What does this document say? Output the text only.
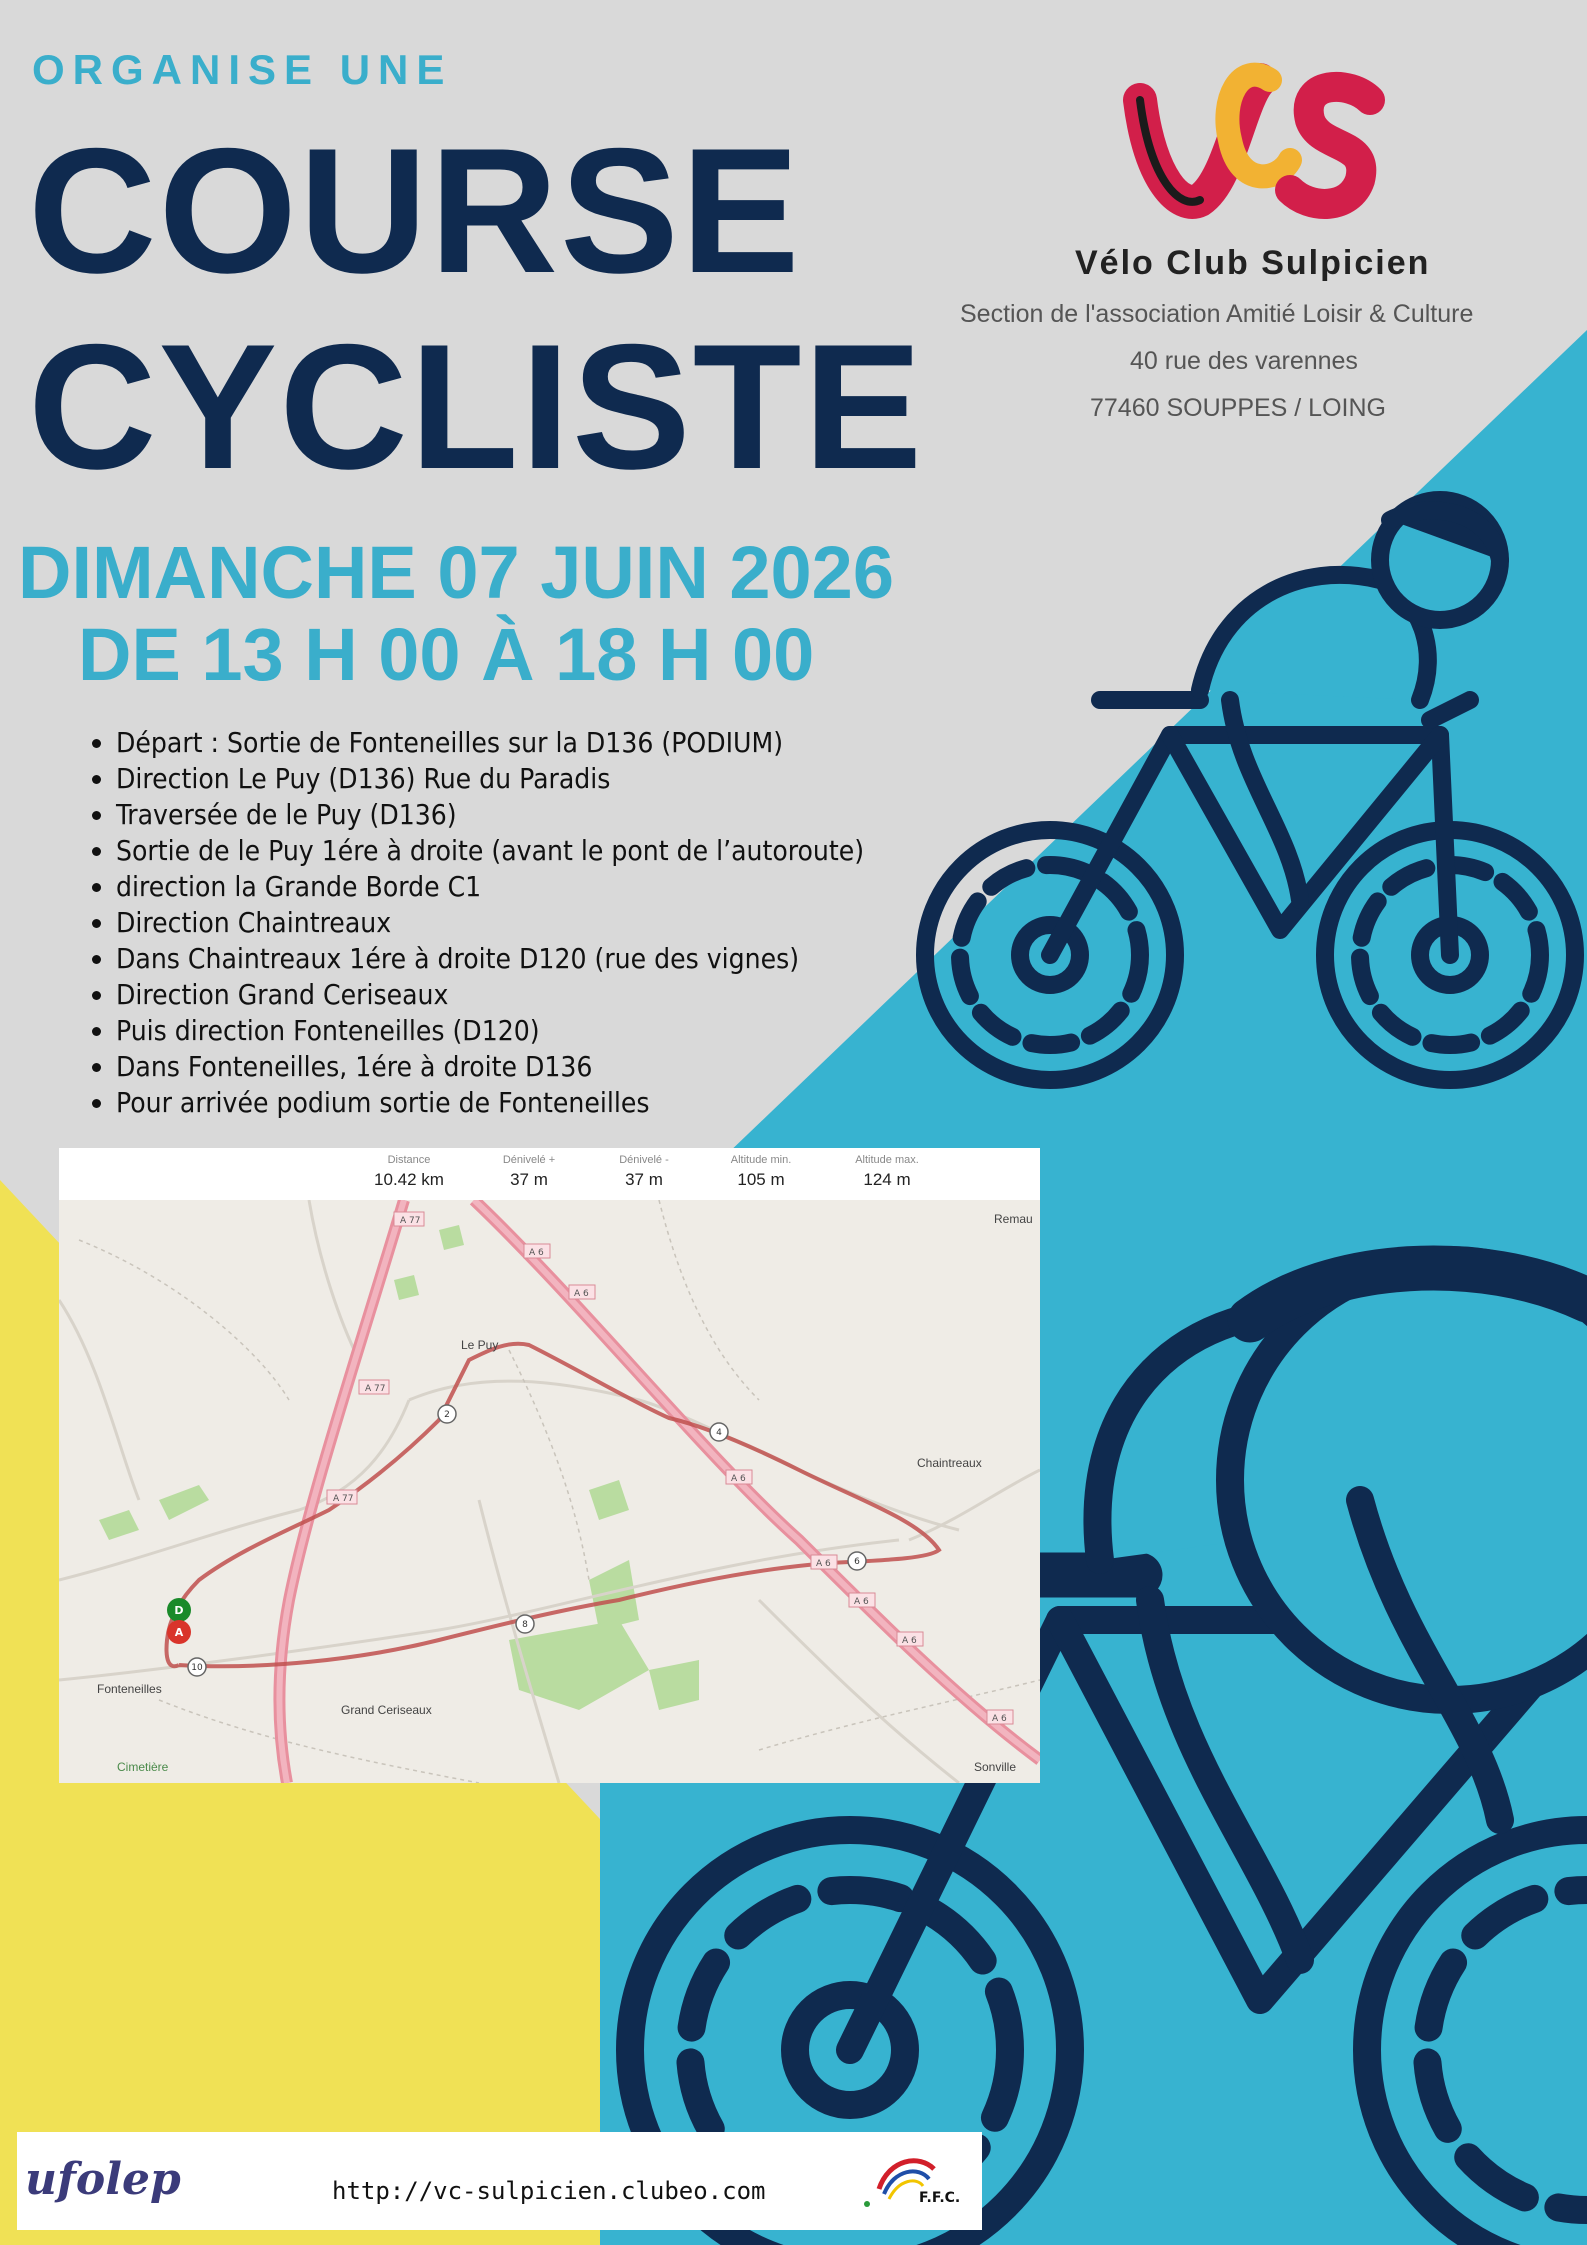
ORGANISE UNE
COURSE
CYCLISTE
DIMANCHE 07 JUIN 2026
DE 13 H 00 À 18 H 00
Vélo Club Sulpicien
Section de l'association Amitié Loisir & Culture
40 rue des varennes
77460 SOUPPES / LOING
• Départ : Sortie de Fonteneilles sur la D136 (PODIUM)
• Direction Le Puy (D136) Rue du Paradis
• Traversée de le Puy (D136)
• Sortie de le Puy 1ére à droite (avant le pont de l’autoroute)
• direction la Grande Borde C1
• Direction Chaintreaux
• Dans Chaintreaux 1ére à droite D120 (rue des vignes)
• Direction Grand Ceriseaux
• Puis direction Fonteneilles (D120)
• Dans Fonteneilles, 1ére à droite D136
• Pour arrivée podium sortie de Fonteneilles
Distance
10.42 km
Dénivelé +
37 m
Dénivelé -
37 m
Altitude min.
105 m
Altitude max.
124 m
2
4
6
8
10
D
A
A 77
A 77
A 77
A 6
A 6
A 6
A 6
A 6
A 6
A 6
Le Puy
Chaintreaux
Fonteneilles
Grand Ceriseaux
Sonville
Cimetière
Remau
ufolep	http://vc-sulpicien.clubeo.com	F.F.C.
